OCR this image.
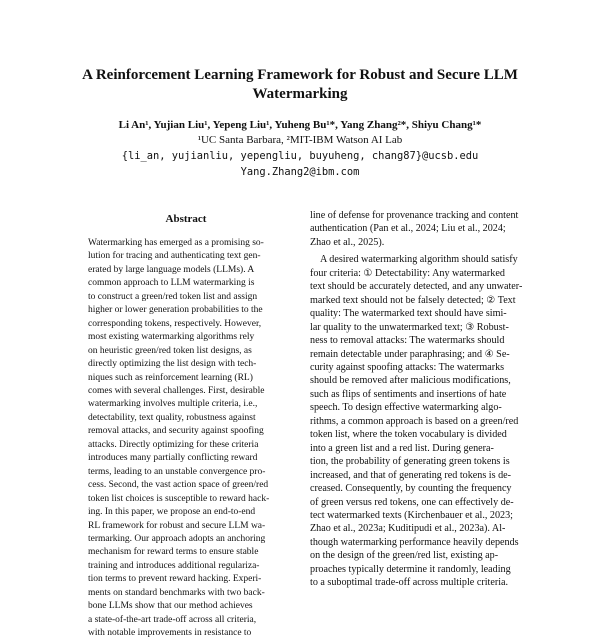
A Reinforcement Learning Framework for Robust and Secure LLM
Watermarking
Li An¹, Yujian Liu¹, Yepeng Liu¹, Yuheng Bu¹*, Yang Zhang²*, Shiyu Chang¹*
¹UC Santa Barbara, ²MIT-IBM Watson AI Lab
{li_an, yujianliu, yepengliu, buyuheng, chang87}@ucsb.edu
Yang.Zhang2@ibm.com
Abstract
Watermarking has emerged as a promising so-
lution for tracing and authenticating text gen-
erated by large language models (LLMs). A
common approach to LLM watermarking is
to construct a green/red token list and assign
higher or lower generation probabilities to the
corresponding tokens, respectively. However,
most existing watermarking algorithms rely
on heuristic green/red token list designs, as
directly optimizing the list design with tech-
niques such as reinforcement learning (RL)
comes with several challenges. First, desirable
watermarking involves multiple criteria, i.e.,
detectability, text quality, robustness against
removal attacks, and security against spoofing
attacks. Directly optimizing for these criteria
introduces many partially conflicting reward
terms, leading to an unstable convergence pro-
cess. Second, the vast action space of green/red
token list choices is susceptible to reward hack-
ing. In this paper, we propose an end-to-end
RL framework for robust and secure LLM wa-
termarking. Our approach adopts an anchoring
mechanism for reward terms to ensure stable
training and introduces additional regulariza-
tion terms to prevent reward hacking. Experi-
ments on standard benchmarks with two back-
bone LLMs show that our method achieves
a state-of-the-art trade-off across all criteria,
with notable improvements in resistance to
line of defense for provenance tracking and content
authentication (Pan et al., 2024; Liu et al., 2024;
Zhao et al., 2025).
A desired watermarking algorithm should satisfy
four criteria: ① Detectability: Any watermarked
text should be accurately detected, and any unwater-
marked text should not be falsely detected; ② Text
quality: The watermarked text should have simi-
lar quality to the unwatermarked text; ③ Robust-
ness to removal attacks: The watermarks should
remain detectable under paraphrasing; and ④ Se-
curity against spoofing attacks: The watermarks
should be removed after malicious modifications,
such as flips of sentiments and insertions of hate
speech. To design effective watermarking algo-
rithms, a common approach is based on a green/red
token list, where the token vocabulary is divided
into a green list and a red list. During genera-
tion, the probability of generating green tokens is
increased, and that of generating red tokens is de-
creased. Consequently, by counting the frequency
of green versus red tokens, one can effectively de-
tect watermarked texts (Kirchenbauer et al., 2023;
Zhao et al., 2023a; Kuditipudi et al., 2023a). Al-
though watermarking performance heavily depends
on the design of the green/red list, existing ap-
proaches typically determine it randomly, leading
to a suboptimal trade-off across multiple criteria.
